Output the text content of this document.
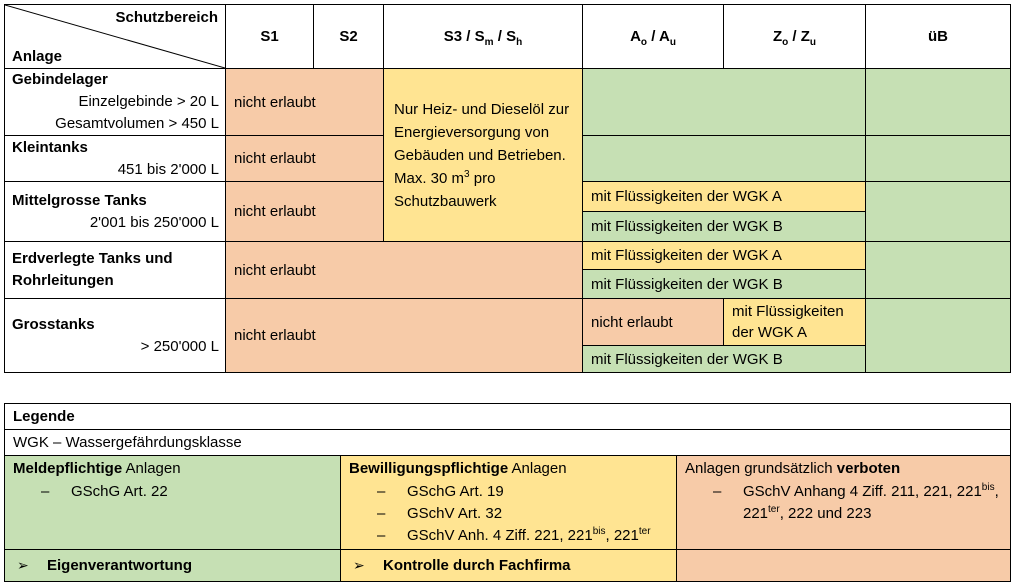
Schutzbereich
Anlage	S1	S2	$S3 / S_m / S_h$	$A_o / A_u$	$Z_o / Z_u$	üB

Gebindelager
Einzelgebinde > 20 L
Gesamtvolumen > 450 L	nicht erlaubt		Nur Heiz- und Dieselöl zur Energieversorgung von Gebäuden und Betrieben. Max. 30 $m^3$ pro Schutzbauwerk			

Kleintanks
451 bis 2'000 L	nicht erlaubt					

Mittelgrosse Tanks
2'001 bis 250'000 L	nicht erlaubt			mit Flüssigkeiten der WGK A		
				mit Flüssigkeiten der WGK B		

Erdverlegte Tanks und Rohrleitungen	nicht erlaubt			mit Flüssigkeiten der WGK A		
				mit Flüssigkeiten der WGK B		

Grosstanks
> 250'000 L	nicht erlaubt			nicht erlaubt	mit Flüssigkeiten der WGK A	
				mit Flüssigkeiten der WGK B		
Legende		
WGK – Wassergefährdungsklasse		

Meldepflichtige Anlagen
–	GSchG Art. 22

Bewilligungspflichtige Anlagen
–	GSchG Art. 19
–	GSchV Art. 32
–	GSchV Anh. 4 Ziff. 221, $221^{bis}$, $221^{ter}$

Anlagen grundsätzlich verboten
–	GSchV Anhang 4 Ziff. 211, 221, $221^{bis}$, $221^{ter}$, 222 und 223

➢ Eigenverantwortung	➢ Kontrolle durch Fachfirma	
